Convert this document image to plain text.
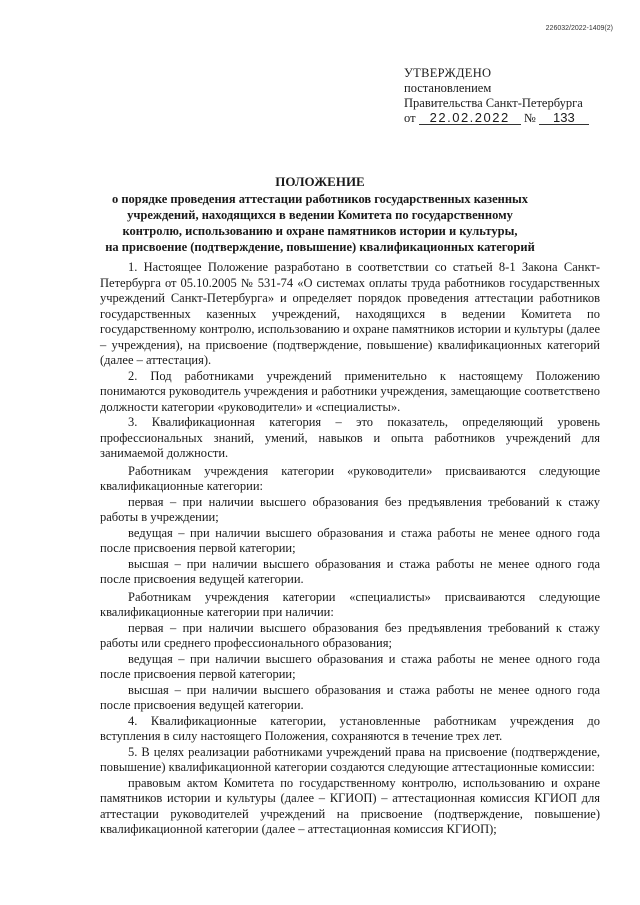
226032/2022-1409(2)
УТВЕРЖДЕНО
постановлением
Правительства Санкт-Петербурга
от 22.02.2022 № 133
ПОЛОЖЕНИЕ
о порядке проведения аттестации работников государственных казенных
учреждений, находящихся в ведении Комитета по государственному
контролю, использованию и охране памятников истории и культуры,
на присвоение (подтверждение, повышение) квалификационных категорий

1. Настоящее Положение разработано в соответствии со статьей 8-1 Закона Санкт-Петербурга от 05.10.2005 № 531-74 «О системах оплаты труда работников государственных учреждений Санкт-Петербурга» и определяет порядок проведения аттестации работников государственных казенных учреждений, находящихся в ведении Комитета по государственному контролю, использованию и охране памятников истории и культуры (далее – учреждения), на присвоение (подтверждение, повышение) квалификационных категорий (далее – аттестация).

2. Под работниками учреждений применительно к настоящему Положению понимаются руководитель учреждения и работники учреждения, замещающие соответствено должности категории «руководители» и «специалисты».

3. Квалификационная категория – это показатель, определяющий уровень профессиональных знаний, умений, навыков и опыта работников учреждений для занимаемой должности.

Работникам учреждения категории «руководители» присваиваются следующие квалификационные категории:

первая – при наличии высшего образования без предъявления требований к стажу работы в учреждении;

ведущая – при наличии высшего образования и стажа работы не менее одного года после присвоения первой категории;

высшая – при наличии высшего образования и стажа работы не менее одного года после присвоения ведущей категории.

Работникам учреждения категории «специалисты» присваиваются следующие квалификационные категории при наличии:

первая – при наличии высшего образования без предъявления требований к стажу работы или среднего профессионального образования;

ведущая – при наличии высшего образования и стажа работы не менее одного года после присвоения первой категории;

высшая – при наличии высшего образования и стажа работы не менее одного года после присвоения ведущей категории.

4. Квалификационные категории, установленные работникам учреждения до вступления в силу настоящего Положения, сохраняются в течение трех лет.

5. В целях реализации работниками учреждений права на присвоение (подтверждение, повышение) квалификационной категории создаются следующие аттестационные комиссии:

правовым актом Комитета по государственному контролю, использованию и охране памятников истории и культуры (далее – КГИОП) – аттестационная комиссия КГИОП для аттестации руководителей учреждений на присвоение (подтверждение, повышение) квалификационной категории (далее – аттестационная комиссия КГИОП);
